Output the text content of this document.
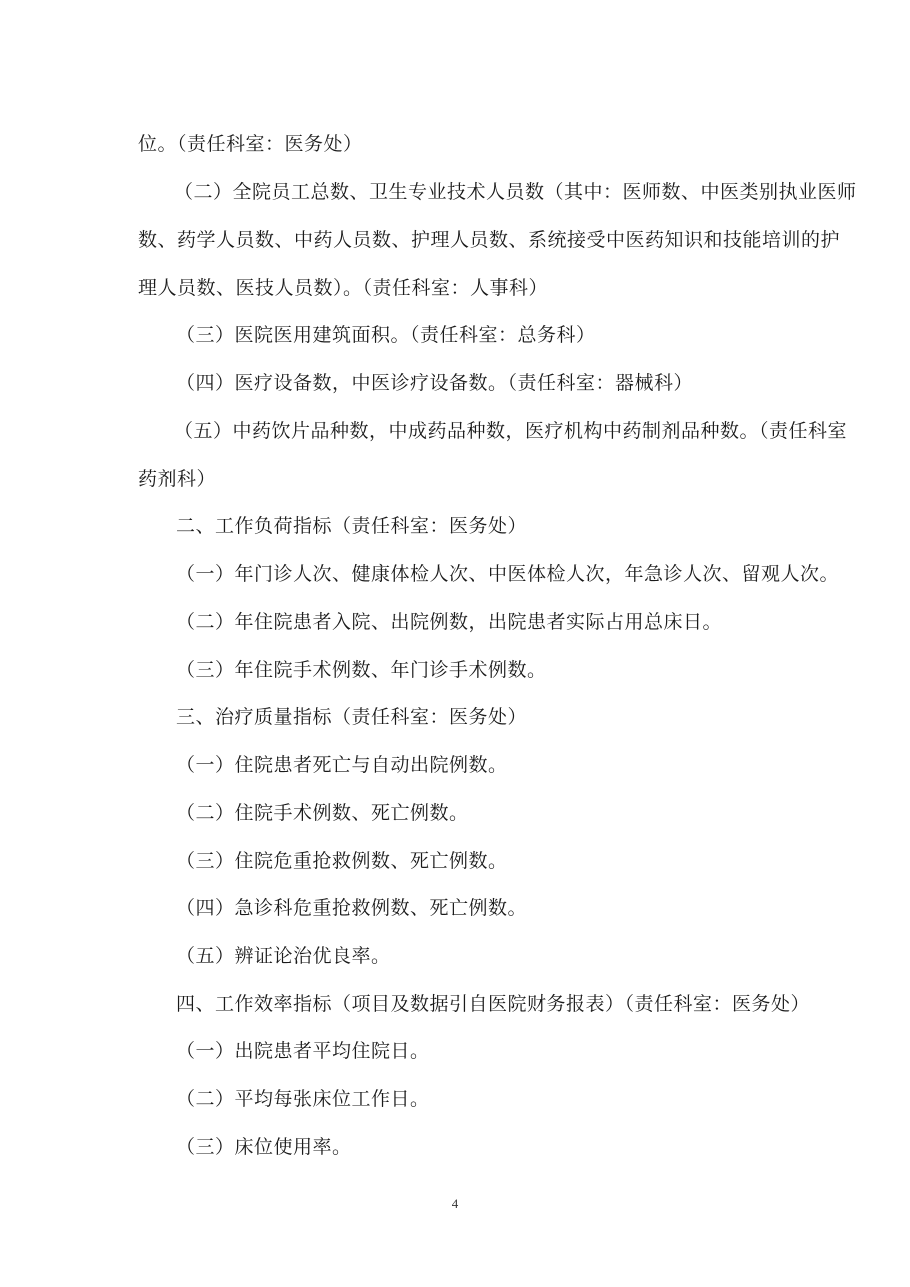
位。（责任科室：医务处）
（二）全院员工总数、卫生专业技术人员数（其中：医师数、中医类别执业医师
数、药学人员数、中药人员数、护理人员数、系统接受中医药知识和技能培训的护
理人员数、医技人员数）。（责任科室：人事科）
（三）医院医用建筑面积。（责任科室：总务科）
（四）医疗设备数，中医诊疗设备数。（责任科室：器械科）
（五）中药饮片品种数，中成药品种数，医疗机构中药制剂品种数。（责任科室
药剂科）
二、工作负荷指标（责任科室：医务处）
（一）年门诊人次、健康体检人次、中医体检人次，年急诊人次、留观人次。
（二）年住院患者入院、出院例数，出院患者实际占用总床日。
（三）年住院手术例数、年门诊手术例数。
三、治疗质量指标（责任科室：医务处）
（一）住院患者死亡与自动出院例数。
（二）住院手术例数、死亡例数。
（三）住院危重抢救例数、死亡例数。
（四）急诊科危重抢救例数、死亡例数。
（五）辨证论治优良率。
四、工作效率指标（项目及数据引自医院财务报表）（责任科室：医务处）
（一）出院患者平均住院日。
（二）平均每张床位工作日。
（三）床位使用率。
4
